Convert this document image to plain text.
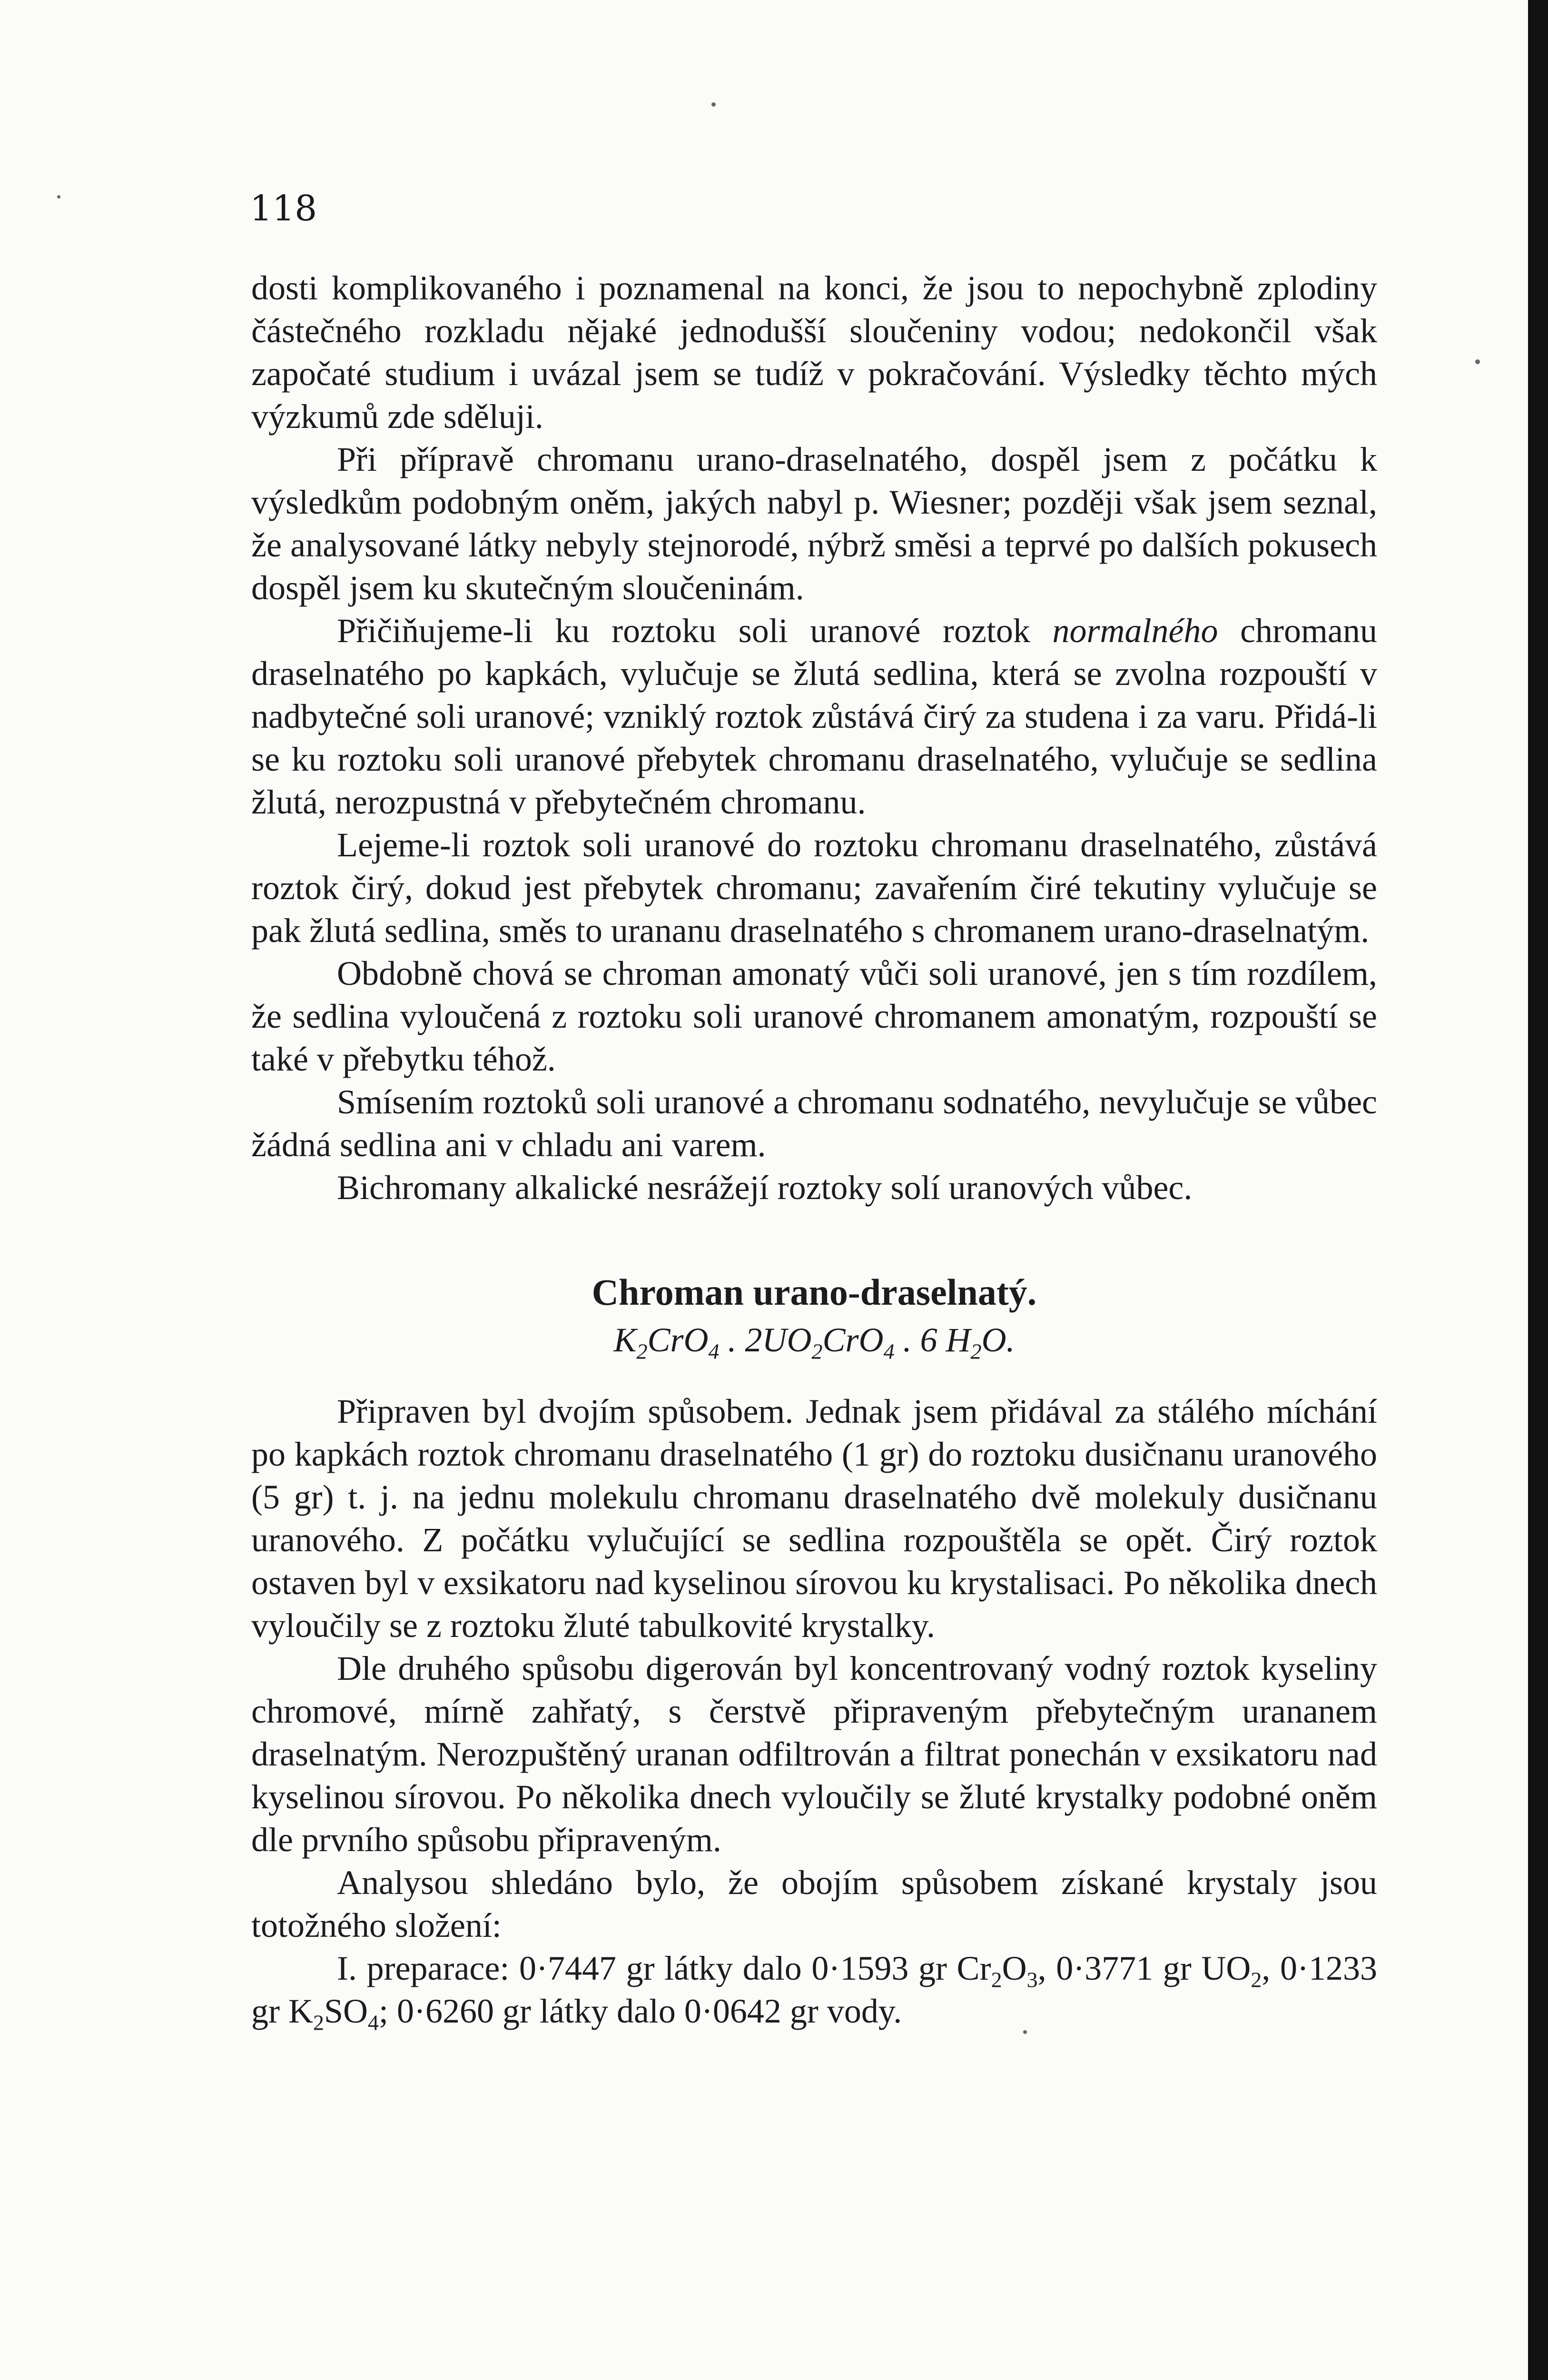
118

dosti komplikovaného i poznamenal na konci, že jsou to nepochybně zplodiny částečného rozkladu nějaké jednodušší sloučeniny vodou; nedokončil však započaté studium i uvázal jsem se tudíž v pokračování. Výsledky těchto mých výzkumů zde sděluji.

Při přípravě chromanu urano-draselnatého, dospěl jsem z počátku k výsledkům podobným oněm, jakých nabyl p. Wiesner; později však jsem seznal, že analysované látky nebyly stejnorodé, nýbrž směsi a teprvé po dalších pokusech dospěl jsem ku skutečným sloučeninám.

Přičiňujeme-li ku roztoku soli uranové roztok normalného chromanu draselnatého po kapkách, vylučuje se žlutá sedlina, která se zvolna rozpouští v nadbytečné soli uranové; vzniklý roztok zůstává čirý za studena i za varu. Přidá-li se ku roztoku soli uranové přebytek chromanu draselnatého, vylučuje se sedlina žlutá, nerozpustná v přebytečném chromanu.

Lejeme-li roztok soli uranové do roztoku chromanu draselnatého, zůstává roztok čirý, dokud jest přebytek chromanu; zavařením čiré tekutiny vylučuje se pak žlutá sedlina, směs to urananu draselnatého s chromanem urano-draselnatým.

Obdobně chová se chroman amonatý vůči soli uranové, jen s tím rozdílem, že sedlina vyloučená z roztoku soli uranové chromanem amonatým, rozpouští se také v přebytku téhož.

Smísením roztoků soli uranové a chromanu sodnatého, nevylučuje se vůbec žádná sedlina ani v chladu ani varem.

Bichromany alkalické nesrážejí roztoky solí uranových vůbec.

Chroman urano-draselnatý.
$K_2CrO_4$ . $2UO_2CrO_4$ . 6 $H_2O$.

Připraven byl dvojím spůsobem. Jednak jsem přidával za stálého míchání po kapkách roztok chromanu draselnatého (1 gr) do roztoku dusičnanu uranového (5 gr) t. j. na jednu molekulu chromanu draselnatého dvě molekuly dusičnanu uranového. Z počátku vylučující se sedlina rozpouštěla se opět. Čirý roztok ostaven byl v exsikatoru nad kyselinou sírovou ku krystalisaci. Po několika dnech vyloučily se z roztoku žluté tabulkovité krystalky.

Dle druhého spůsobu digerován byl koncentrovaný vodný roztok kyseliny chromové, mírně zahřatý, s čerstvě připraveným přebytečným urananem draselnatým. Nerozpuštěný uranan odfiltrován a filtrat ponechán v exsikatoru nad kyselinou sírovou. Po několika dnech vyloučily se žluté krystalky podobné oněm dle prvního spůsobu připraveným.

Analysou shledáno bylo, že obojím spůsobem získané krystaly jsou totožného složení:

I. preparace: 0·7447 gr látky dalo 0·1593 gr $Cr_2O_3$, 0·3771 gr $UO_2$, 0·1233 gr $K_2SO_4$; 0·6260 gr látky dalo 0·0642 gr vody.
